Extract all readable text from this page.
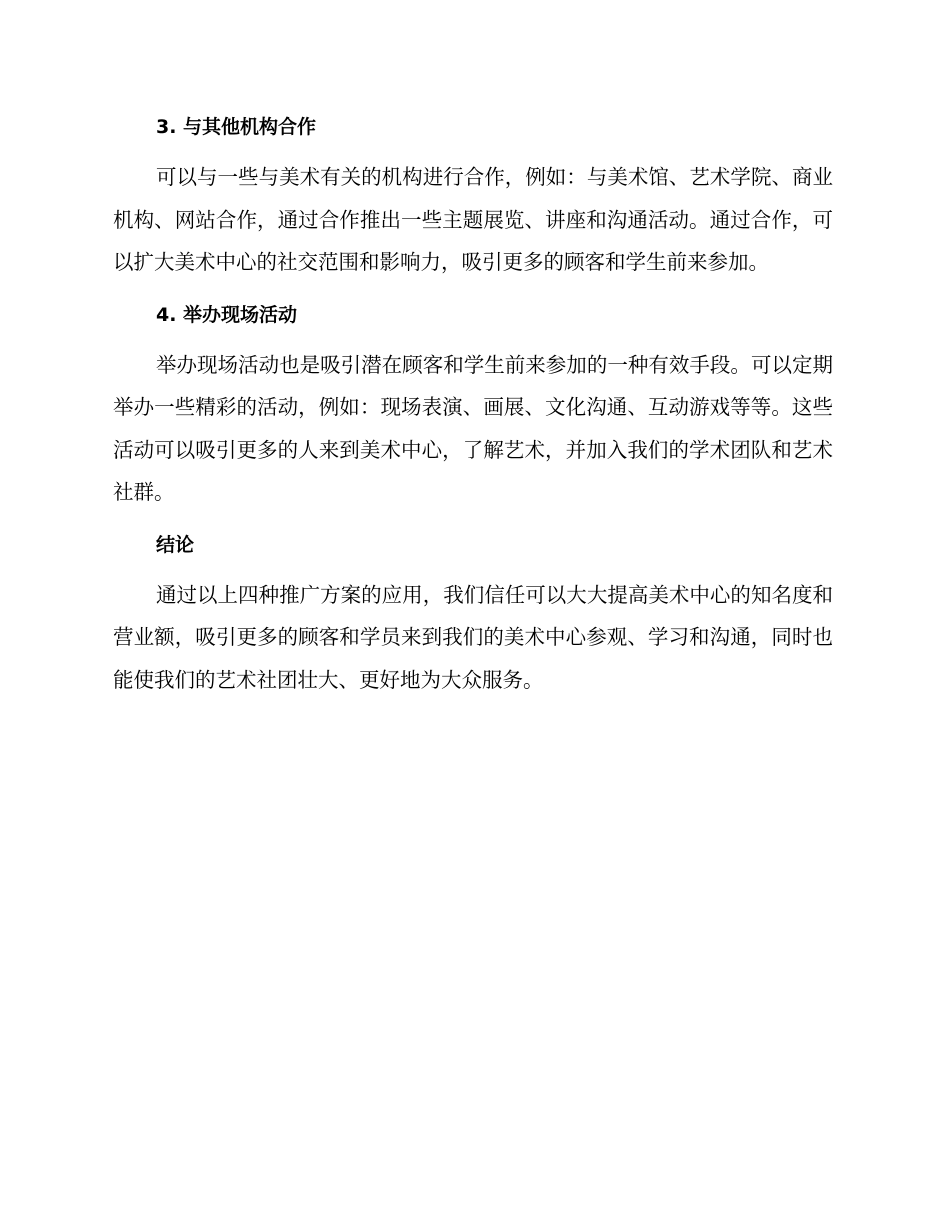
3. 与其他机构合作

可以与一些与美术有关的机构进行合作，例如：与美术馆、艺术学院、商业机构、网站合作，通过合作推出一些主题展览、讲座和沟通活动。通过合作，可以扩大美术中心的社交范围和影响力，吸引更多的顾客和学生前来参加。

4. 举办现场活动

举办现场活动也是吸引潜在顾客和学生前来参加的一种有效手段。可以定期举办一些精彩的活动，例如：现场表演、画展、文化沟通、互动游戏等等。这些活动可以吸引更多的人来到美术中心，了解艺术，并加入我们的学术团队和艺术社群。

结论

通过以上四种推广方案的应用，我们信任可以大大提高美术中心的知名度和营业额，吸引更多的顾客和学员来到我们的美术中心参观、学习和沟通，同时也能使我们的艺术社团壮大、更好地为大众服务。
